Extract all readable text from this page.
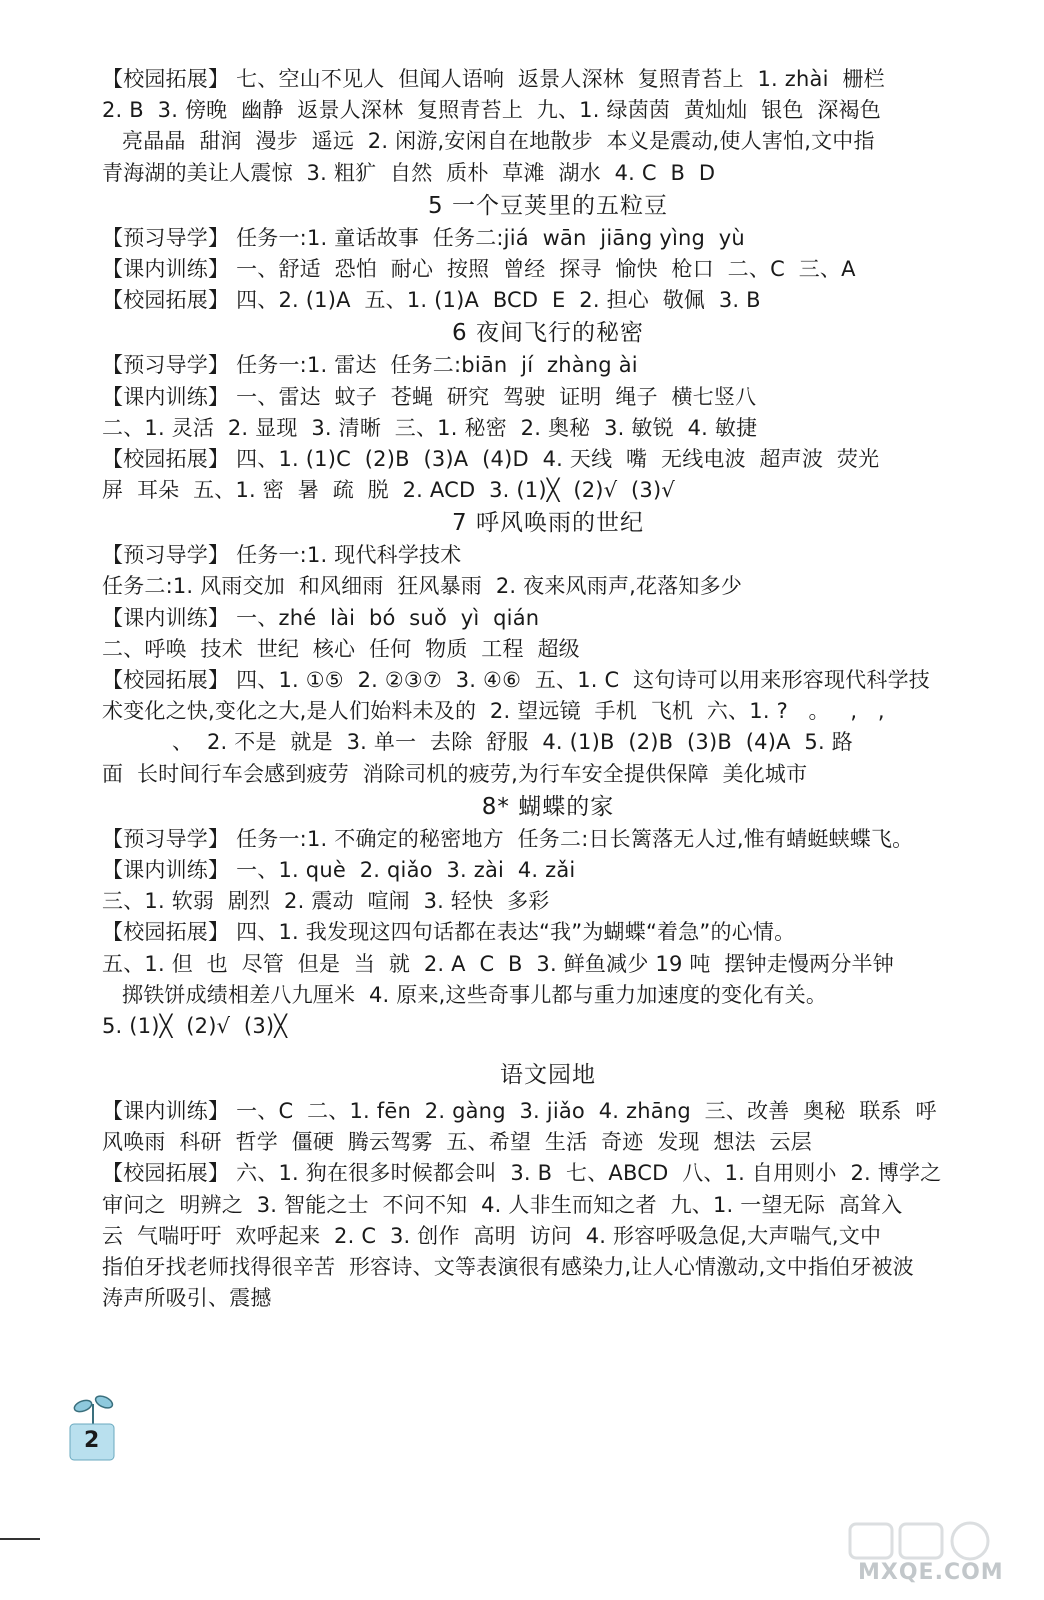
【校园拓展】 七、空山不见人  但闻人语响  返景人深林  复照青苔上  1. zhài  栅栏
2. B  3. 傍晚  幽静  返景人深林  复照青苔上  九、1. 绿茵茵  黄灿灿  银色  深褐色
亮晶晶  甜润  漫步  遥远  2. 闲游,安闲自在地散步  本义是震动,使人害怕,文中指
青海湖的美让人震惊  3. 粗犷  自然  质朴  草滩  湖水  4. C  B  D
5 一个豆荚里的五粒豆
【预习导学】 任务一:1. 童话故事  任务二:jiá  wān  jiāng yìng  yù
【课内训练】 一、舒适  恐怕  耐心  按照  曾经  探寻  愉快  枪口  二、C  三、A
【校园拓展】 四、2. (1)A  五、1. (1)A  BCD  E  2. 担心  敬佩  3. B
6 夜间飞行的秘密
【预习导学】 任务一:1. 雷达  任务二:biān  jí  zhàng ài
【课内训练】 一、雷达  蚊子  苍蝇  研究  驾驶  证明  绳子  横七竖八
二、1. 灵活  2. 显现  3. 清晰  三、1. 秘密  2. 奥秘  3. 敏锐  4. 敏捷
【校园拓展】 四、1. (1)C  (2)B  (3)A  (4)D  4. 天线  嘴  无线电波  超声波  荧光
屏  耳朵  五、1. 密  暑  疏  脱  2. ACD  3. (1)╳  (2)√  (3)√
7 呼风唤雨的世纪
【预习导学】 任务一:1. 现代科学技术
任务二:1. 风雨交加  和风细雨  狂风暴雨  2. 夜来风雨声,花落知多少
【课内训练】 一、zhé  lài  bó  suǒ  yì  qián
二、呼唤  技术  世纪  核心  任何  物质  工程  超级
【校园拓展】 四、1. ①⑤  2. ②③⑦  3. ④⑥  五、1. C  这句诗可以用来形容现代科学技
术变化之快,变化之大,是人们始料未及的  2. 望远镜  手机  飞机  六、1. ?   。   ,   ,
、  2. 不是  就是  3. 单一  去除  舒服  4. (1)B  (2)B  (3)B  (4)A  5. 路
面  长时间行车会感到疲劳  消除司机的疲劳,为行车安全提供保障  美化城市
8* 蝴蝶的家
【预习导学】 任务一:1. 不确定的秘密地方  任务二:日长篱落无人过,惟有蜻蜓蛱蝶飞。
【课内训练】 一、1. què  2. qiǎo  3. zài  4. zǎi
三、1. 软弱  剧烈  2. 震动  喧闹  3. 轻快  多彩
【校园拓展】 四、1. 我发现这四句话都在表达“我”为蝴蝶“着急”的心情。
五、1. 但  也  尽管  但是  当  就  2. A  C  B  3. 鲜鱼减少 19 吨  摆钟走慢两分半钟
掷铁饼成绩相差八九厘米  4. 原来,这些奇事儿都与重力加速度的变化有关。
5. (1)╳  (2)√  (3)╳
语文园地
【课内训练】 一、C  二、1. fēn  2. gàng  3. jiǎo  4. zhāng  三、改善  奥秘  联系  呼
风唤雨  科研  哲学  僵硬  腾云驾雾  五、希望  生活  奇迹  发现  想法  云层
【校园拓展】 六、1. 狗在很多时候都会叫  3. B  七、ABCD  八、1. 自用则小  2. 博学之
审问之  明辨之  3. 智能之士  不问不知  4. 人非生而知之者  九、1. 一望无际  高耸入
云  气喘吁吁  欢呼起来  2. C  3. 创作  高明  访问  4. 形容呼吸急促,大声喘气,文中
指伯牙找老师找得很辛苦  形容诗、文等表演很有感染力,让人心情激动,文中指伯牙被波
涛声所吸引、震撼
2
MXQE.COM
